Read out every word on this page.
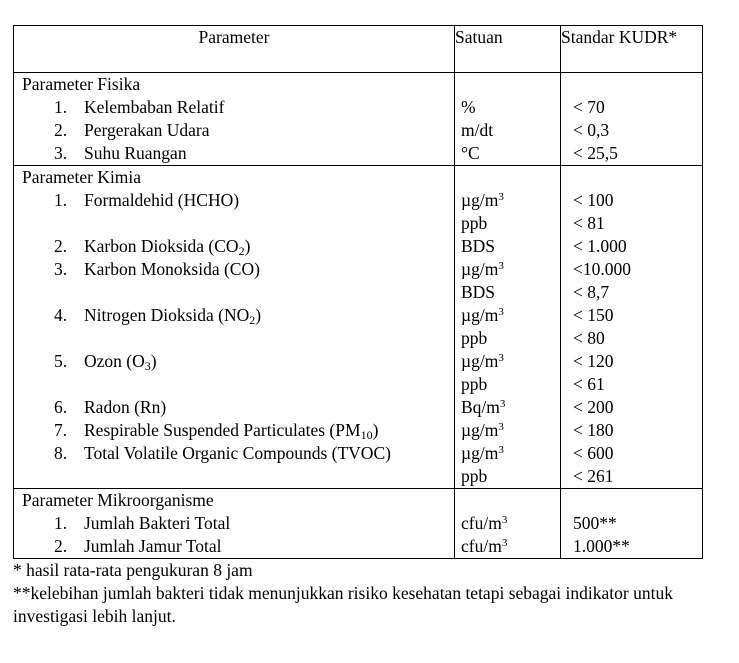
Parameter	Satuan	Standar KUDR*
Parameter Fisika		
1. Kelembaban Relatif	%	< 70
2. Pergerakan Udara	m/dt	< 0,3
3. Suhu Ruangan	°C	< 25,5
Parameter Kimia		
1. Formaldehid (HCHO)	$\mu g/m^3$	< 100
	ppb	< 81
2. Karbon Dioksida $(CO_2)$	BDS	< 1.000
3. Karbon Monoksida (CO)	$\mu g/m^3$	<10.000
	BDS	< 8,7
4. Nitrogen Dioksida $(NO_2)$	$\mu g/m^3$	< 150
	ppb	< 80
5. Ozon $(O_3)$	$\mu g/m^3$	< 120
	ppb	< 61
6. Radon (Rn)	$Bq/m^3$	< 200
7. Respirable Suspended Particulates $(PM_{10})$	$\mu g/m^3$	< 180
8. Total Volatile Organic Compounds (TVOC)	$\mu g/m^3$	< 600
	ppb	< 261
Parameter Mikroorganisme		
1. Jumlah Bakteri Total	cfu/$m^3$	500**
2. Jumlah Jamur Total	cfu/$m^3$	1.000**

* hasil rata-rata pengukuran 8 jam

**kelebihan jumlah bakteri tidak menunjukkan risiko kesehatan tetapi sebagai indikator untuk investigasi lebih lanjut.
